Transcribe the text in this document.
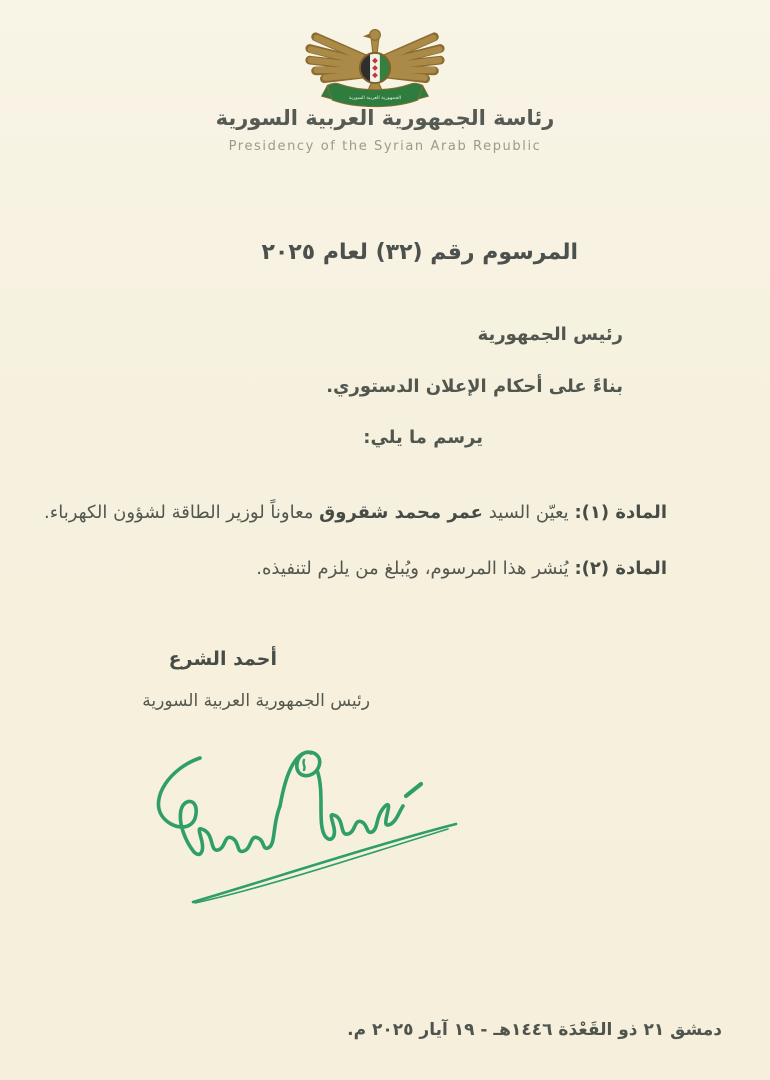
الجمهورية العربية السورية
رئاسة الجمهورية العربية السورية
Presidency of the Syrian Arab Republic
المرسوم رقم (٣٢) لعام ٢٠٢٥
رئيس الجمهورية
بناءً على أحكام الإعلان الدستوري.
يرسم ما يلي:
المادة (١): يعيّن السيد عمر محمد شقروق معاوناً لوزير الطاقة لشؤون الكهرباء.
المادة (٢): يُنشر هذا المرسوم، ويُبلغ من يلزم لتنفيذه.
أحمد الشرع
رئيس الجمهورية العربية السورية
دمشق ٢١ ذو القَعْدَة ١٤٤٦هـ - ١٩ آيار ٢٠٢٥ م.
